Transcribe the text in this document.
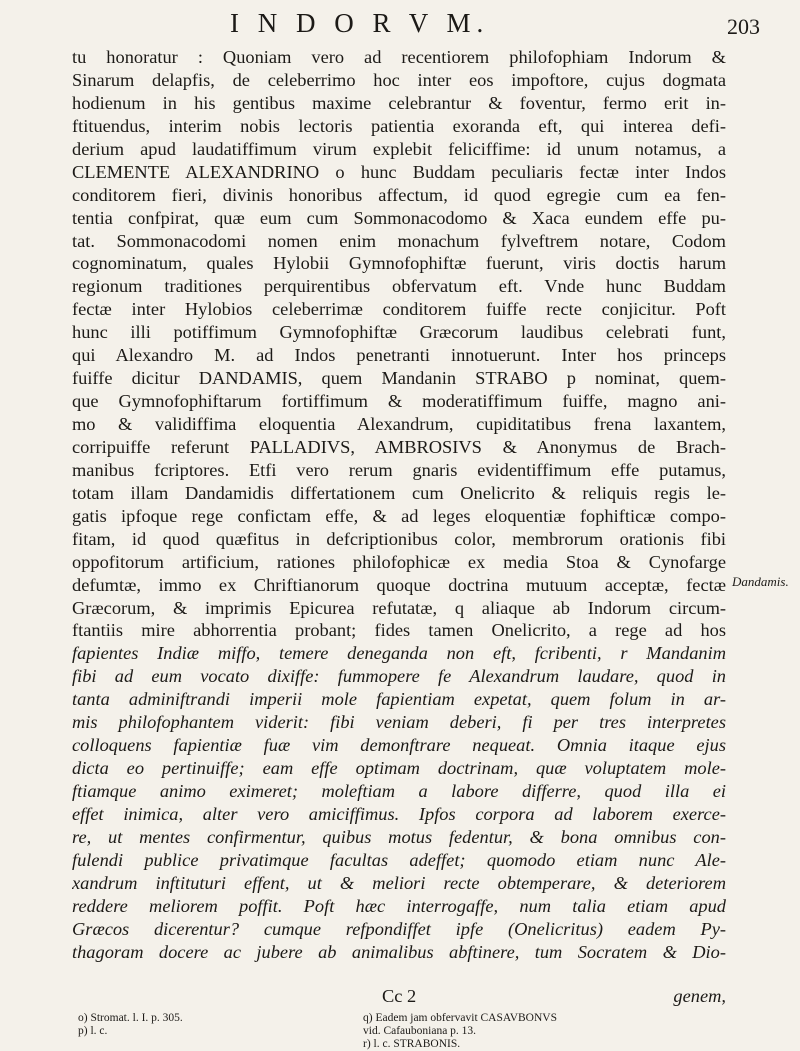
I N D O R V M.	203
tu honoratur : Quoniam vero ad recentiorem philofophiam Indorum &
Sinarum delapfis, de celeberrimo hoc inter eos impoftore, cujus dogmata
hodienum in his gentibus maxime celebrantur & foventur, fermo erit in-
ftituendus, interim nobis lectoris patientia exoranda eft, qui interea defi-
derium apud laudatiffimum virum explebit feliciffime: id unum notamus, a
CLEMENTE ALEXANDRINO o hunc Buddam peculiaris fectæ inter Indos
conditorem fieri, divinis honoribus affectum, id quod egregie cum ea fen-
tentia confpirat, quæ eum cum Sommonacodomo & Xaca eundem effe pu-
tat. Sommonacodomi nomen enim monachum fylveftrem notare, Codom
cognominatum, quales Hylobii Gymnofophiftæ fuerunt, viris doctis harum
regionum traditiones perquirentibus obfervatum eft. Vnde hunc Buddam
fectæ inter Hylobios celeberrimæ conditorem fuiffe recte conjicitur. Poft
hunc illi potiffimum Gymnofophiftæ Græcorum laudibus celebrati funt,
qui Alexandro M. ad Indos penetranti innotuerunt. Inter hos princeps
fuiffe dicitur DANDAMIS, quem Mandanin STRABO p nominat, quem-
que Gymnofophiftarum fortiffimum & moderatiffimum fuiffe, magno ani-
mo & validiffima eloquentia Alexandrum, cupiditatibus frena laxantem,
corripuiffe referunt PALLADIVS, AMBROSIVS & Anonymus de Brach-
manibus fcriptores. Etfi vero rerum gnaris evidentiffimum effe putamus,
totam illam Dandamidis differtationem cum Onelicrito & reliquis regis le-
gatis ipfoque rege confictam effe, & ad leges eloquentiæ fophifticæ compo-
fitam, id quod quæfitus in defcriptionibus color, membrorum orationis fibi
oppofitorum artificium, rationes philofophicæ ex media Stoa & Cynofarge
defumtæ, immo ex Chriftianorum quoque doctrina mutuum acceptæ, fectæ
Græcorum, & imprimis Epicurea refutatæ, q aliaque ab Indorum circum-
ftantiis mire abhorrentia probant; fides tamen Onelicrito, a rege ad hos
fapientes Indiæ miffo, temere deneganda non eft, fcribenti, r Mandanim
fibi ad eum vocato dixiffe: fummopere fe Alexandrum laudare, quod in
tanta adminiftrandi imperii mole fapientiam expetat, quem folum in ar-
mis philofophantem viderit: fibi veniam deberi, fi per tres interpretes
colloquens fapientiæ fuæ vim demonftrare nequeat. Omnia itaque ejus
dicta eo pertinuiffe; eam effe optimam doctrinam, quæ voluptatem mole-
ftiamque animo eximeret; moleftiam a labore differre, quod illa ei
effet inimica, alter vero amiciffimus. Ipfos corpora ad laborem exerce-
re, ut mentes confirmentur, quibus motus fedentur, & bona omnibus con-
fulendi publice privatimque facultas adeffet; quomodo etiam nunc Ale-
xandrum inftituturi effent, ut & meliori recte obtemperare, & deteriorem
reddere meliorem poffit. Poft hæc interrogaffe, num talia etiam apud
Græcos dicerentur? cumque refpondiffet ipfe (Onelicritus) eadem Py-
thagoram docere ac jubere ab animalibus abftinere, tum Socratem & Dio-
Dandamis.
Cc 2	genem,
o) Stromat. l. I. p. 305.
p) l. c.
q) Eadem jam obfervavit CASAVBONVS
vid. Cafauboniana p. 13.
r) l. c. STRABONIS.
